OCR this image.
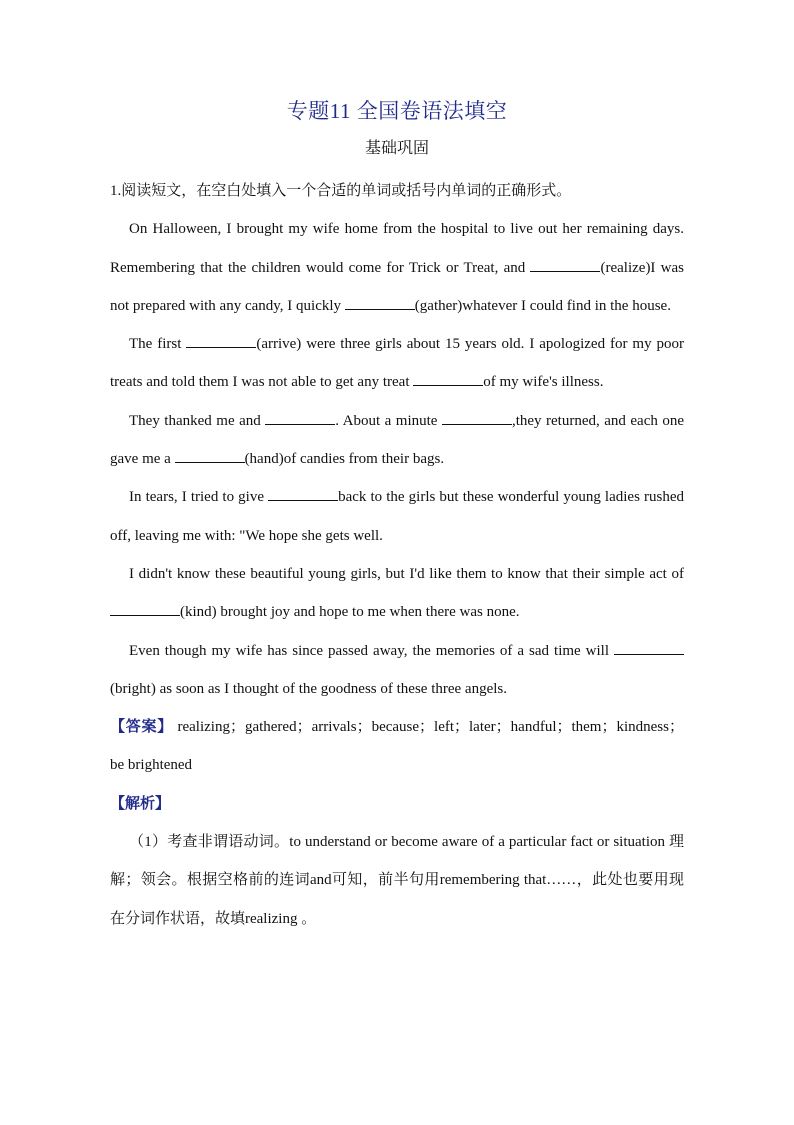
专题11 全国卷语法填空
基础巩固

1.阅读短文，在空白处填入一个合适的单词或括号内单词的正确形式。

On Halloween, I brought my wife home from the hospital to live out her remaining days. Remembering that the children would come for Trick or Treat, and	(realize)I was not prepared with any candy, I quickly	(gather)whatever I could find in the house.

The first	(arrive) were three girls about 15 years old. I apologized for my poor treats and told them I was not able to get any treat	of my wife's illness.

They thanked me and	. About a minute	,they returned, and each one gave me a	(hand)of candies from their bags.

In tears, I tried to give	back to the girls but these wonderful young ladies rushed off, leaving me with: "We hope she gets well.

I didn't know these beautiful young girls, but I'd like them to know that their simple act of (kind) brought joy and hope to me when there was none.

Even though my wife has since passed away, the memories of a sad time will (bright) as soon as I thought of the goodness of these three angels.

【答案】 realizing；gathered；arrivals；because；left；later；handful；them；kindness；be brightened

【解析】

（1）考查非谓语动词。to understand or become aware of a particular fact or situation 理解；领会。根据空格前的连词and可知，前半句用remembering that……，此处也要用现在分词作状语，故填realizing 。
